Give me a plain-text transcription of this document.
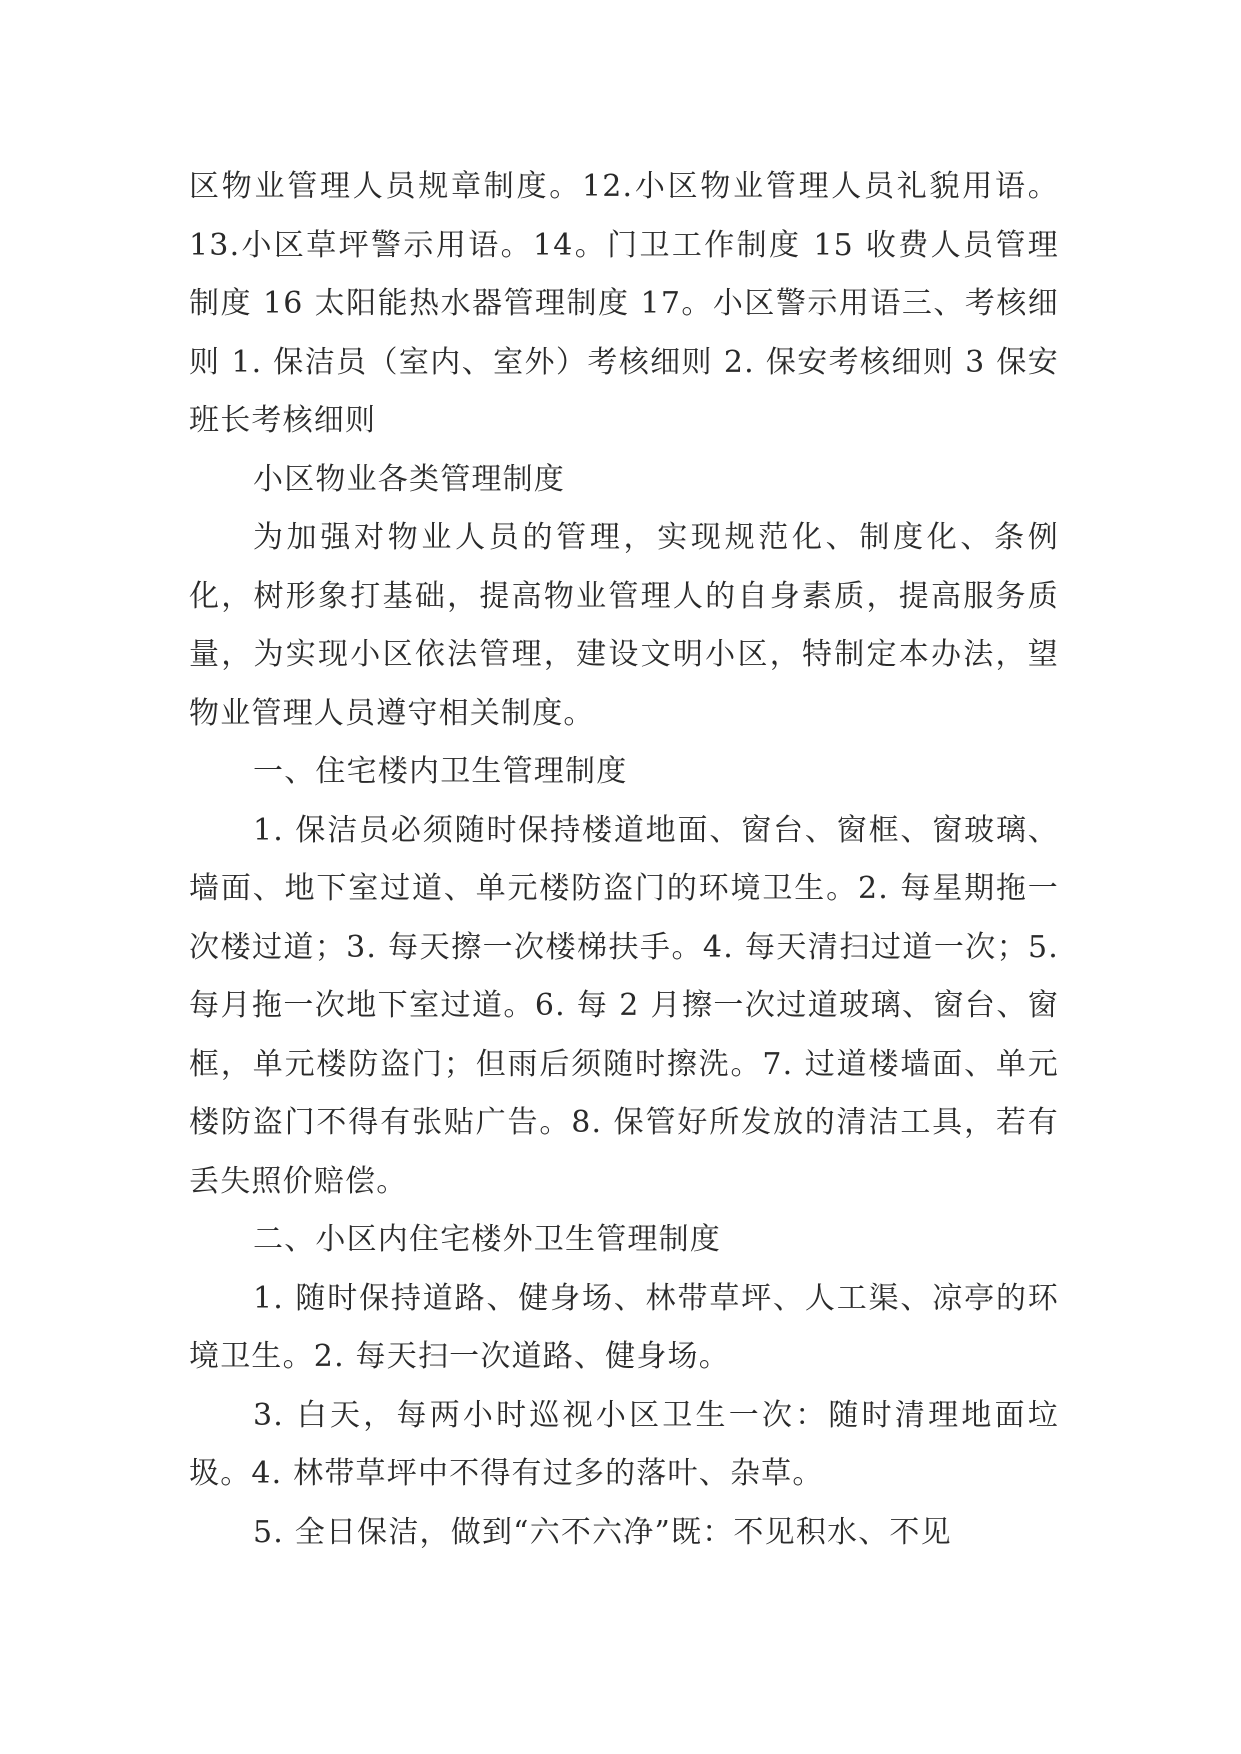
区物业管理人员规章制度。12.小区物业管理人员礼貌用语。13.小区草坪警示用语。14。门卫工作制度 15 收费人员管理制度 16 太阳能热水器管理制度 17。小区警示用语三、考核细则 1. 保洁员（室内、室外）考核细则 2. 保安考核细则 3 保安班长考核细则

小区物业各类管理制度

为加强对物业人员的管理，实现规范化、制度化、条例化，树形象打基础，提高物业管理人的自身素质，提高服务质量，为实现小区依法管理，建设文明小区，特制定本办法，望物业管理人员遵守相关制度。

一、住宅楼内卫生管理制度

1. 保洁员必须随时保持楼道地面、窗台、窗框、窗玻璃、墙面、地下室过道、单元楼防盗门的环境卫生。2. 每星期拖一次楼过道；3. 每天擦一次楼梯扶手。4. 每天清扫过道一次；5. 每月拖一次地下室过道。6. 每 2 月擦一次过道玻璃、窗台、窗框，单元楼防盗门；但雨后须随时擦洗。7. 过道楼墙面、单元楼防盗门不得有张贴广告。8. 保管好所发放的清洁工具，若有丢失照价赔偿。

二、小区内住宅楼外卫生管理制度

1. 随时保持道路、健身场、林带草坪、人工渠、凉亭的环境卫生。2. 每天扫一次道路、健身场。

3. 白天，每两小时巡视小区卫生一次：随时清理地面垃圾。4. 林带草坪中不得有过多的落叶、杂草。

5. 全日保洁，做到“六不六净”既：不见积水、不见
